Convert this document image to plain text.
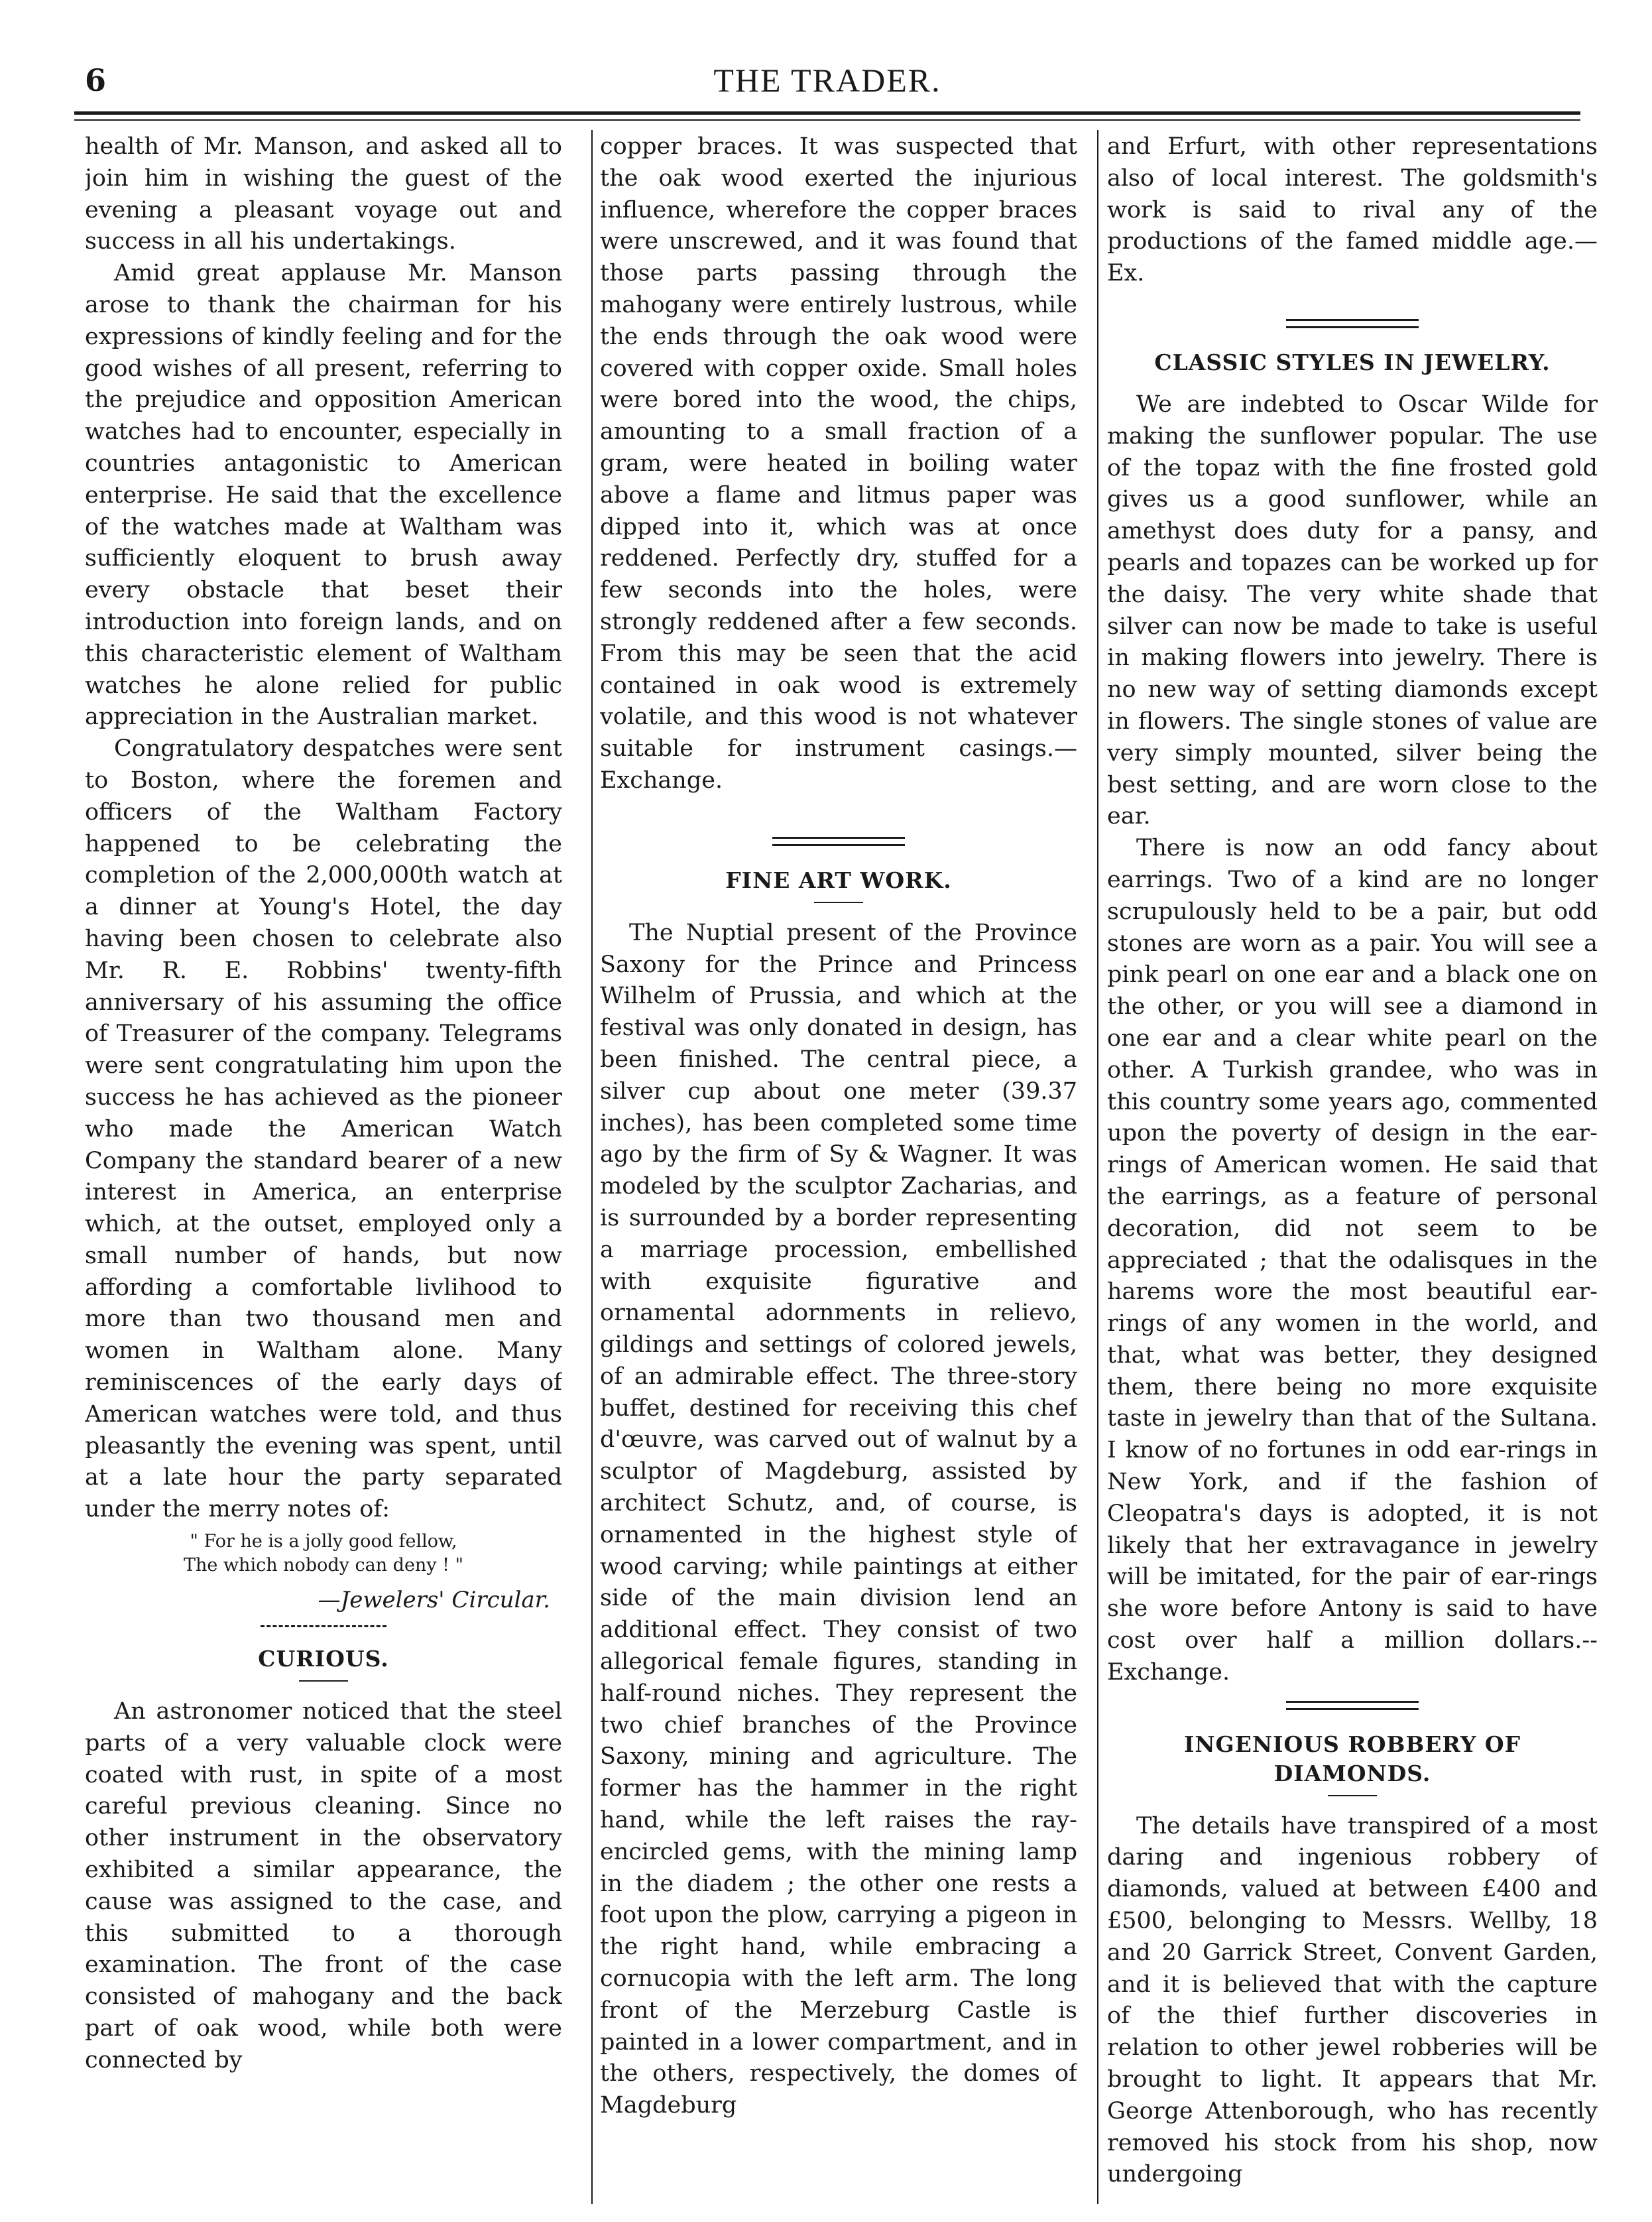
6	THE TRADER.

health of Mr. Manson, and asked all to join him in wishing the guest of the evening a pleasant voyage out and success in all his undertakings.

Amid great applause Mr. Manson arose to thank the chairman for his expressions of kindly feeling and for the good wishes of all present, referring to the prejudice and opposition American watches had to encounter, especially in countries antagonistic to American enterprise. He said that the excellence of the watches made at Waltham was sufficiently eloquent to brush away every obstacle that beset their introduction into foreign lands, and on this characteristic element of Waltham watches he alone relied for public appreciation in the Australian market.

Congratulatory despatches were sent to Boston, where the foremen and officers of the Waltham Factory happened to be celebrating the completion of the 2,000,000th watch at a dinner at Young's Hotel, the day having been chosen to celebrate also Mr. R. E. Robbins' twenty-fifth anniversary of his assuming the office of Treasurer of the company. Telegrams were sent congratulating him upon the success he has achieved as the pioneer who made the American Watch Company the standard bearer of a new interest in America, an enterprise which, at the outset, employed only a small number of hands, but now affording a comfortable livlihood to more than two thousand men and women in Waltham alone. Many reminiscences of the early days of American watches were told, and thus pleasantly the evening was spent, until at a late hour the party separated under the merry notes of:

" For he is a jolly good fellow,
The which nobody can deny ! "
—Jewelers' Circular.
CURIOUS.

An astronomer noticed that the steel parts of a very valuable clock were coated with rust, in spite of a most careful previous cleaning. Since no other instrument in the observatory exhibited a similar appearance, the cause was assigned to the case, and this submitted to a thorough examination. The front of the case consisted of mahogany and the back part of oak wood, while both were connected by

copper braces. It was suspected that the oak wood exerted the injurious influence, wherefore the copper braces were unscrewed, and it was found that those parts passing through the mahogany were entirely lustrous, while the ends through the oak wood were covered with copper oxide. Small holes were bored into the wood, the chips, amounting to a small fraction of a gram, were heated in boiling water above a flame and litmus paper was dipped into it, which was at once reddened. Perfectly dry, stuffed for a few seconds into the holes, were strongly reddened after a few seconds. From this may be seen that the acid contained in oak wood is extremely volatile, and this wood is not whatever suitable for instrument casings.—Exchange.

FINE ART WORK.

The Nuptial present of the Province Saxony for the Prince and Princess Wilhelm of Prussia, and which at the festival was only donated in design, has been finished. The central piece, a silver cup about one meter (39.37 inches), has been completed some time ago by the firm of Sy & Wagner. It was modeled by the sculptor Zacharias, and is surrounded by a border representing a marriage procession, embellished with exquisite figurative and ornamental adornments in relievo, gildings and settings of colored jewels, of an admirable effect. The three-story buffet, destined for receiving this chef d'œuvre, was carved out of walnut by a sculptor of Magdeburg, assisted by architect Schutz, and, of course, is ornamented in the highest style of wood carving; while paintings at either side of the main division lend an additional effect. They consist of two allegorical female figures, standing in half-round niches. They represent the two chief branches of the Province Saxony, mining and agriculture. The former has the hammer in the right hand, while the left raises the ray-encircled gems, with the mining lamp in the diadem ; the other one rests a foot upon the plow, carrying a pigeon in the right hand, while embracing a cornucopia with the left arm. The long front of the Merzeburg Castle is painted in a lower compartment, and in the others, respectively, the domes of Magdeburg

and Erfurt, with other representations also of local interest. The goldsmith's work is said to rival any of the productions of the famed middle age.—Ex.

CLASSIC STYLES IN JEWELRY.

We are indebted to Oscar Wilde for making the sunflower popular. The use of the topaz with the fine frosted gold gives us a good sunflower, while an amethyst does duty for a pansy, and pearls and topazes can be worked up for the daisy. The very white shade that silver can now be made to take is useful in making flowers into jewelry. There is no new way of setting diamonds except in flowers. The single stones of value are very simply mounted, silver being the best setting, and are worn close to the ear.

There is now an odd fancy about earrings. Two of a kind are no longer scrupulously held to be a pair, but odd stones are worn as a pair. You will see a pink pearl on one ear and a black one on the other, or you will see a diamond in one ear and a clear white pearl on the other. A Turkish grandee, who was in this country some years ago, commented upon the poverty of design in the ear-rings of American women. He said that the earrings, as a feature of personal decoration, did not seem to be appreciated ; that the odalisques in the harems wore the most beautiful ear-rings of any women in the world, and that, what was better, they designed them, there being no more exquisite taste in jewelry than that of the Sultana. I know of no fortunes in odd ear-rings in New York, and if the fashion of Cleopatra's days is adopted, it is not likely that her extravagance in jewelry will be imitated, for the pair of ear-rings she wore before Antony is said to have cost over half a million dollars.--Exchange.

INGENIOUS ROBBERY OF DIAMONDS.

The details have transpired of a most daring and ingenious robbery of diamonds, valued at between £400 and £500, belonging to Messrs. Wellby, 18 and 20 Garrick Street, Convent Garden, and it is believed that with the capture of the thief further discoveries in relation to other jewel robberies will be brought to light. It appears that Mr. George Attenborough, who has recently removed his stock from his shop, now undergoing
